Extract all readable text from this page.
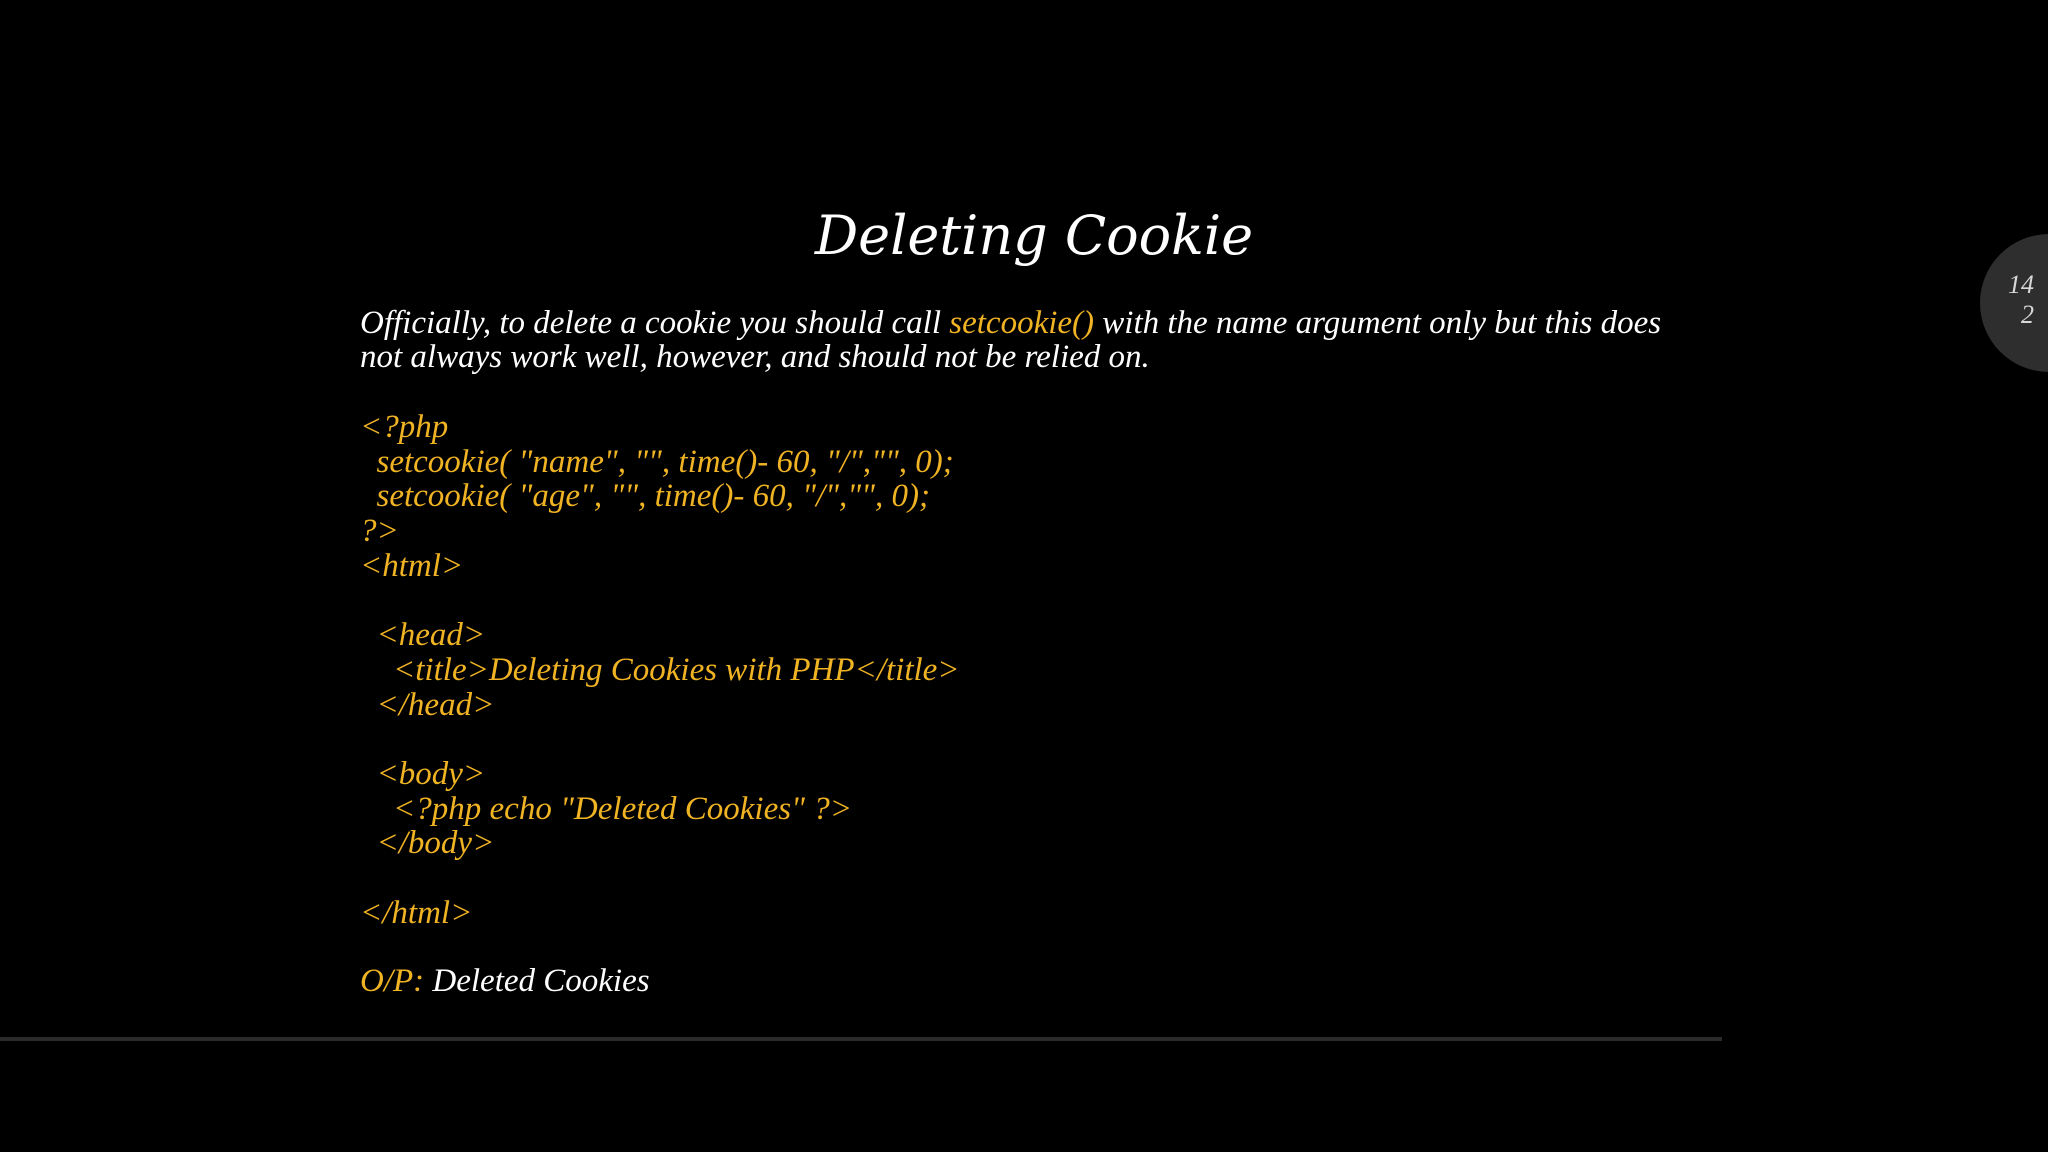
Deleting Cookie

Officially, to delete a cookie you should call setcookie() with the name argument only but this does not always work well, however, and should not be relied on.

<?php
setcookie( "name", "", time()- 60, "/","", 0);
setcookie( "age", "", time()- 60, "/","", 0);
?>
<html>
<head>
<title>Deleting Cookies with PHP</title>
</head>
<body>
<?php echo "Deleted Cookies" ?>
</body>
</html>
O/P: Deleted Cookies
14
2
